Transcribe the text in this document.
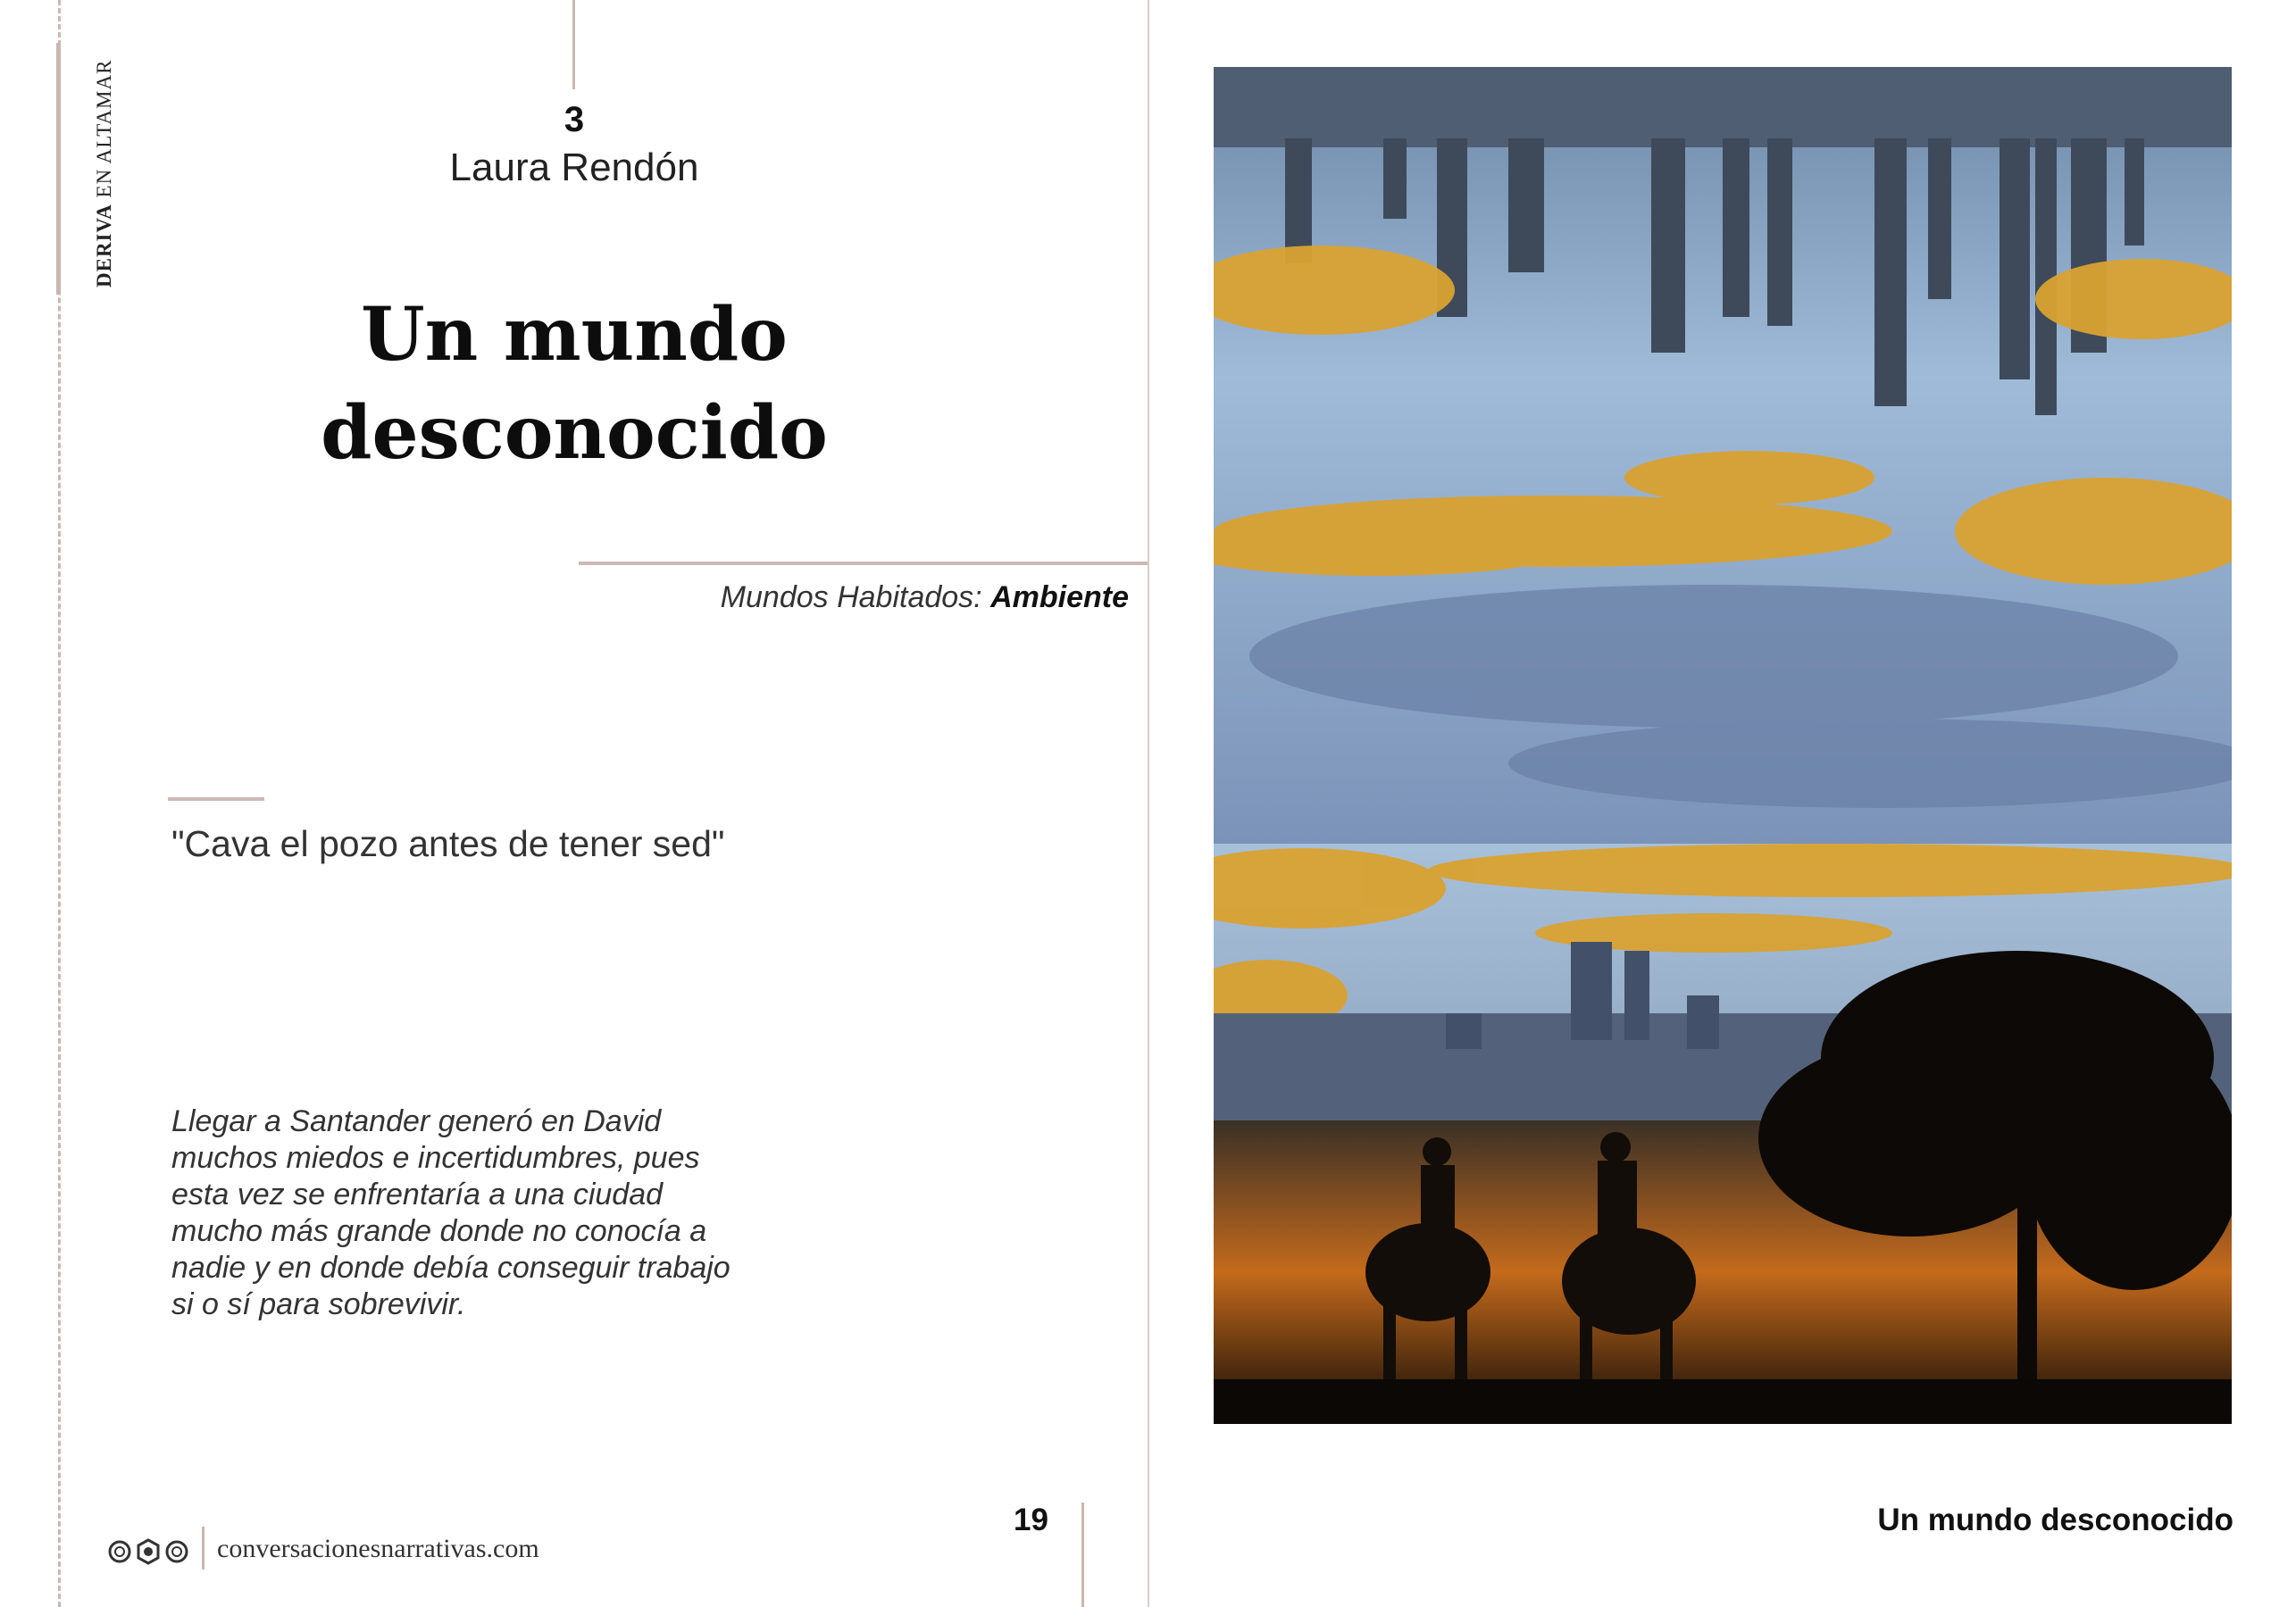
DERIVA EN ALTAMAR	3
Laura Rendón
Un mundo
desconocido
Mundos Habitados: Ambiente
"Cava el pozo antes de tener sed"
Llegar a Santander generó en David muchos miedos e incertidumbres, pues esta vez se enfrentaría a una ciudad mucho más grande donde no conocía a nadie y en donde debía conseguir trabajo si o sí para sobrevivir.
19
conversacionesnarrativas.com
Un mundo desconocido
